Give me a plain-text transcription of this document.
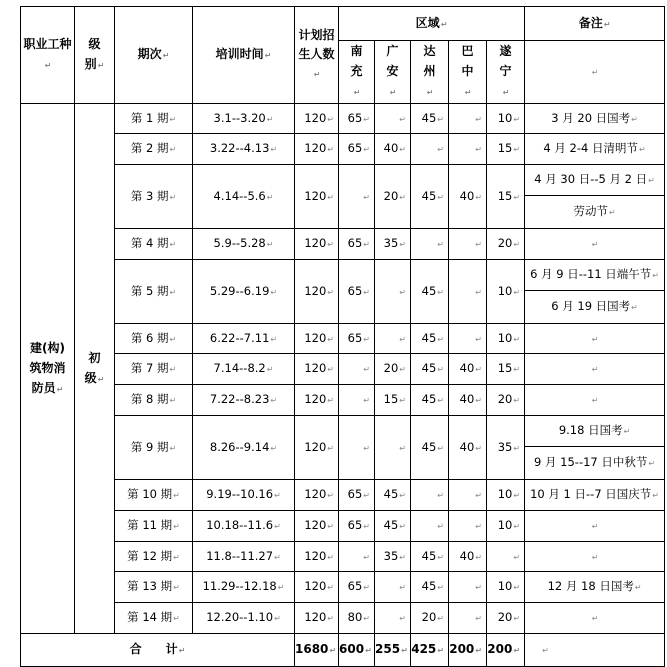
职业工种↵	级别↵	期次↵	培训时间↵	计划招生人数↵	区域↵					备注↵
					南充↵	广安↵	达州↵	巴中↵	遂宁↵	↵
建(构)筑物消防员↵	初级↵	第 1 期↵	3.1--3.20↵	120↵	65↵	↵	45↵	↵	10↵	3 月 20 日国考↵

		第 2 期↵	3.22--4.13↵	120↵	65↵	40↵	↵	↵	15↵	4 月 2-4 日清明节↵

		第 3 期↵	4.14--5.6↵	120↵	↵	20↵	45↵	40↵	15↵	4 月 30 日--5 月 2 日↵
劳动节↵

		第 4 期↵	5.9--5.28↵	120↵	65↵	35↵	↵	↵	20↵	↵

		第 5 期↵	5.29--6.19↵	120↵	65↵	↵	45↵	↵	10↵	6 月 9 日--11 日端午节↵
6 月 19 日国考↵

		第 6 期↵	6.22--7.11↵	120↵	65↵	↵	45↵	↵	10↵	↵

		第 7 期↵	7.14--8.2↵	120↵	↵	20↵	45↵	40↵	15↵	↵

		第 8 期↵	7.22--8.23↵	120↵	↵	15↵	45↵	40↵	20↵	↵

		第 9 期↵	8.26--9.14↵	120↵	↵	↵	45↵	40↵	35↵	9.18 日国考↵
9 月 15--17 日中秋节↵

		第 10 期↵	9.19--10.16↵	120↵	65↵	45↵	↵	↵	10↵	10 月 1 日--7 日国庆节↵

		第 11 期↵	10.18--11.6↵	120↵	65↵	45↵	↵	↵	10↵	↵

		第 12 期↵	11.8--11.27↵	120↵	↵	35↵	45↵	40↵	↵	↵

		第 13 期↵	11.29--12.18↵	120↵	65↵	↵	45↵	↵	10↵	12 月 18 日国考↵

		第 14 期↵	12.20--1.10↵	120↵	80↵	↵	20↵	↵	20↵	↵

合　　计↵				1680↵	600↵	255↵	425↵	200↵	200↵	↵
